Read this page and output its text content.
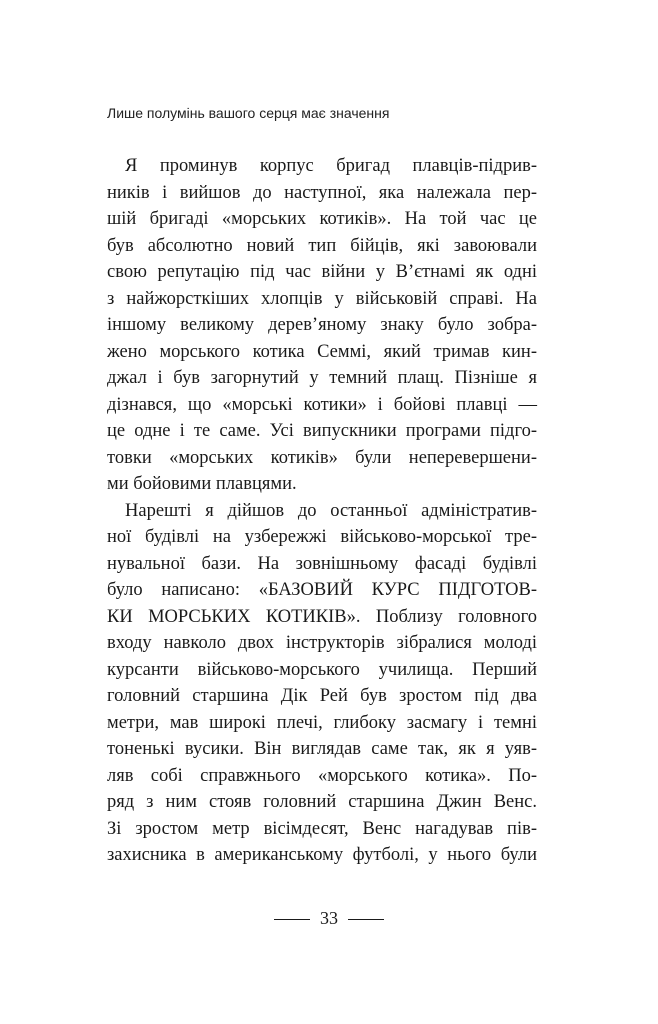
Лише полумінь вашого серця має значення
Я проминув корпус бригад плавців-підрив-
ників і вийшов до наступної, яка належала пер-
шій бригаді «морських котиків». На той час це
був абсолютно новий тип бійців, які завоювали
свою репутацію під час війни у В’єтнамі як одні
з найжорсткіших хлопців у військовій справі. На
іншому великому дерев’яному знаку було зобра-
жено морського котика Семмі, який тримав кин-
джал і був загорнутий у темний плащ. Пізніше я
дізнався, що «морські котики» і бойові плавці —
це одне і те саме. Усі випускники програми підго-
товки «морських котиків» були неперевершени-
ми бойовими плавцями.
Нарешті я дійшов до останньої адміністратив-
ної будівлі на узбережжі військово-морської тре-
нувальної бази. На зовнішньому фасаді будівлі
було написано: «БАЗОВИЙ КУРС ПІДГОТОВ-
КИ МОРСЬКИХ КОТИКІВ». Поблизу головного
входу навколо двох інструкторів зібралися молоді
курсанти військово-морського училища. Перший
головний старшина Дік Рей був зростом під два
метри, мав широкі плечі, глибоку засмагу і темні
тоненькі вусики. Він виглядав саме так, як я уяв-
ляв собі справжнього «морського котика». По-
ряд з ним стояв головний старшина Джин Венс.
Зі зростом метр вісімдесят, Венс нагадував пів-
захисника в американському футболі, у нього були
33
